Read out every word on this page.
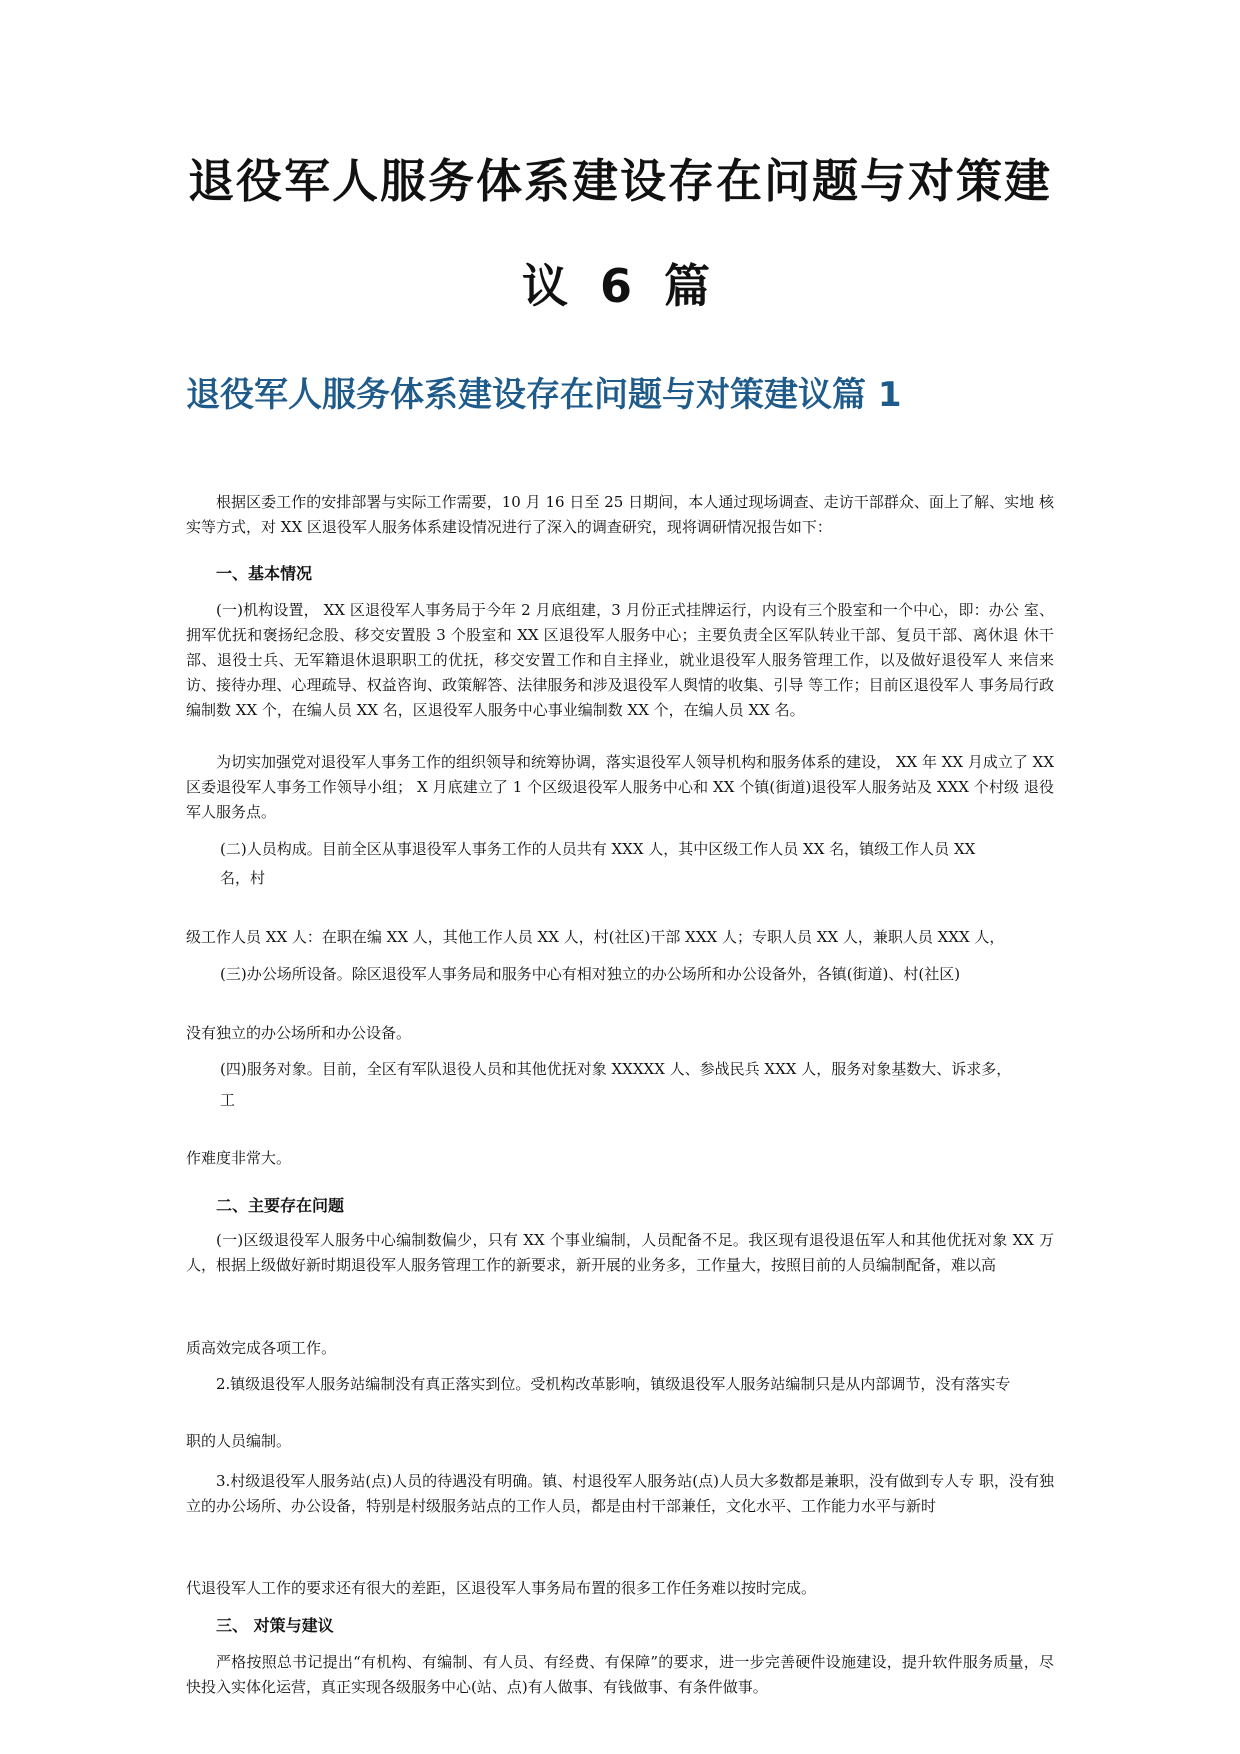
退役军人服务体系建设存在问题与对策建
议 6 篇
退役军人服务体系建设存在问题与对策建议篇 1

根据区委工作的安排部署与实际工作需要，10 月 16 日至 25 日期间，本人通过现场调查、走访干部群众、面上了解、实地 核实等方式，对 XX 区退役军人服务体系建设情况进行了深入的调查研究，现将调研情况报告如下：

一、基本情况

(一)机构设置， XX 区退役军人事务局于今年 2 月底组建，3 月份正式挂牌运行，内设有三个股室和一个中心，即：办公 室、拥军优抚和褒扬纪念股、移交安置股 3 个股室和 XX 区退役军人服务中心；主要负责全区军队转业干部、复员干部、离休退 休干部、退役士兵、无军籍退休退职职工的优抚，移交安置工作和自主择业，就业退役军人服务管理工作，以及做好退役军人 来信来访、接待办理、心理疏导、权益咨询、政策解答、法律服务和涉及退役军人舆情的收集、引导 等工作；目前区退役军人 事务局行政编制数 XX 个，在编人员 XX 名，区退役军人服务中心事业编制数 XX 个，在编人员 XX 名。

为切实加强党对退役军人事务工作的组织领导和统筹协调，落实退役军人领导机构和服务体系的建设， XX 年 XX 月成立了 XX 区委退役军人事务工作领导小组； X 月底建立了 1 个区级退役军人服务中心和 XX 个镇(街道)退役军人服务站及 XXX 个村级 退役军人服务点。

(二)人员构成。目前全区从事退役军人事务工作的人员共有 XXX 人，其中区级工作人员 XX 名，镇级工作人员 XX

名，村

级工作人员 XX 人：在职在编 XX 人，其他工作人员 XX 人，村(社区)干部 XXX 人；专职人员 XX 人，兼职人员 XXX 人，

(三)办公场所设备。除区退役军人事务局和服务中心有相对独立的办公场所和办公设备外，各镇(街道)、村(社区)

没有独立的办公场所和办公设备。

(四)服务对象。目前，全区有军队退役人员和其他优抚对象 XXXXX 人、参战民兵 XXX 人，服务对象基数大、诉求多，

工

作难度非常大。

二、主要存在问题

(一)区级退役军人服务中心编制数偏少，只有 XX 个事业编制，人员配备不足。我区现有退役退伍军人和其他优抚对象 XX 万人，根据上级做好新时期退役军人服务管理工作的新要求，新开展的业务多，工作量大，按照目前的人员编制配备，难以高

质高效完成各项工作。

2.镇级退役军人服务站编制没有真正落实到位。受机构改革影响，镇级退役军人服务站编制只是从内部调节，没有落实专

职的人员编制。

3.村级退役军人服务站(点)人员的待遇没有明确。镇、村退役军人服务站(点)人员大多数都是兼职，没有做到专人专 职，没有独立的办公场所、办公设备，特别是村级服务站点的工作人员，都是由村干部兼任，文化水平、工作能力水平与新时

代退役军人工作的要求还有很大的差距，区退役军人事务局布置的很多工作任务难以按时完成。

三、 对策与建议

严格按照总书记提出“有机构、有编制、有人员、有经费、有保障”的要求，进一步完善硬件设施建设，提升软件服务质量，尽快投入实体化运营，真正实现各级服务中心(站、点)有人做事、有钱做事、有条件做事。
